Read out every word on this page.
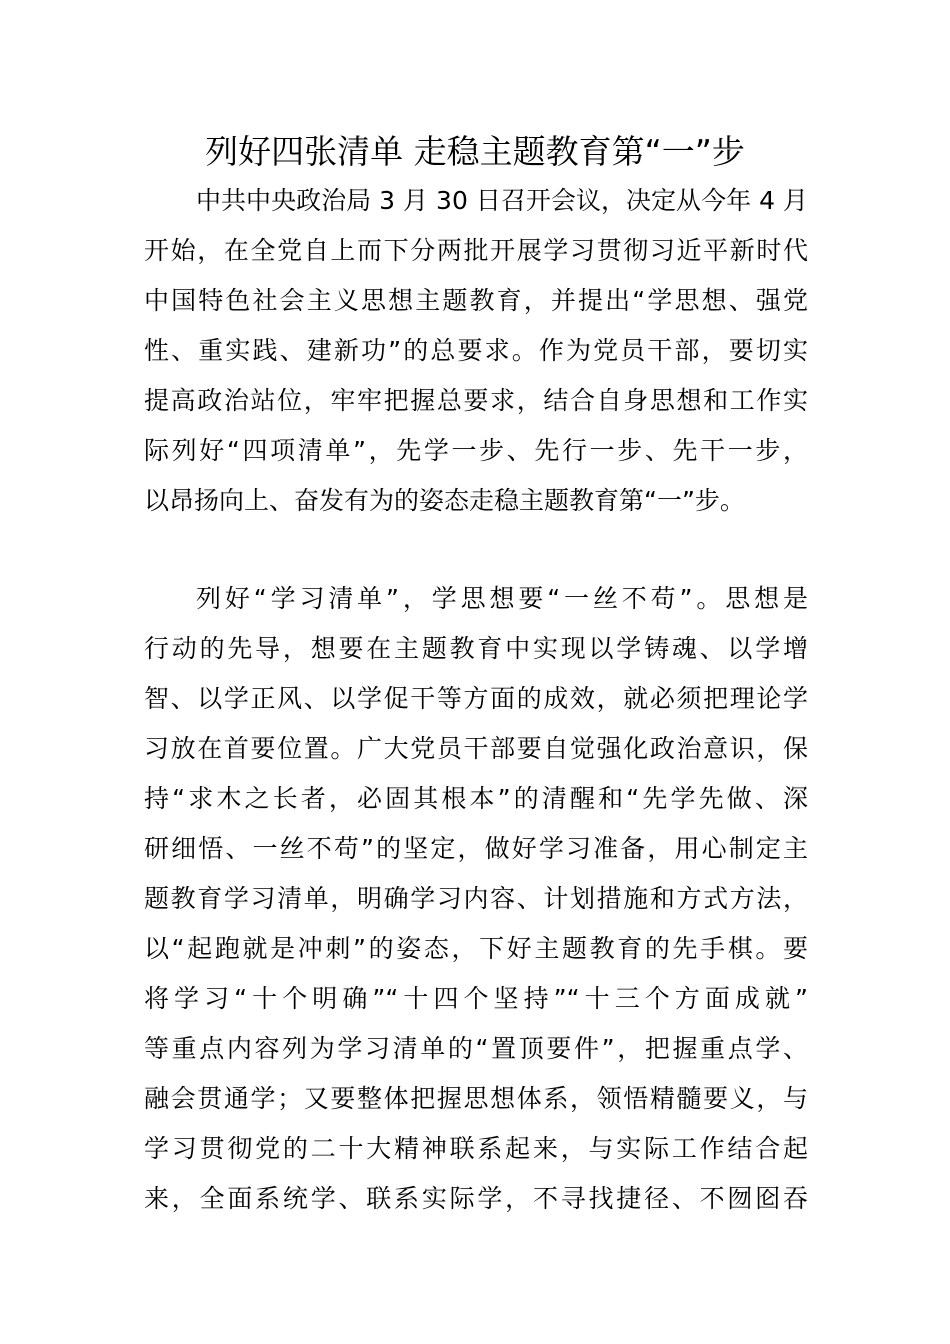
列好四张清单 走稳主题教育第“一”步
中共中央政治局 3 月 30 日召开会议，决定从今年 4 月
开始，在全党自上而下分两批开展学习贯彻习近平新时代
中国特色社会主义思想主题教育，并提出“学思想、强党
性、重实践、建新功”的总要求。作为党员干部，要切实
提高政治站位，牢牢把握总要求，结合自身思想和工作实
际列好“四项清单”，先学一步、先行一步、先干一步，
以昂扬向上、奋发有为的姿态走稳主题教育第“一”步。
列好“学习清单”，学思想要“一丝不苟”。思想是
行动的先导，想要在主题教育中实现以学铸魂、以学增
智、以学正风、以学促干等方面的成效，就必须把理论学
习放在首要位置。广大党员干部要自觉强化政治意识，保
持“求木之长者，必固其根本”的清醒和“先学先做、深
研细悟、一丝不苟”的坚定，做好学习准备，用心制定主
题教育学习清单，明确学习内容、计划措施和方式方法，
以“起跑就是冲刺”的姿态，下好主题教育的先手棋。要
将学习“十个明确”“十四个坚持”“十三个方面成就”
等重点内容列为学习清单的“置顶要件”，把握重点学、
融会贯通学；又要整体把握思想体系，领悟精髓要义，与
学习贯彻党的二十大精神联系起来，与实际工作结合起
来，全面系统学、联系实际学，不寻找捷径、不囫囵吞
